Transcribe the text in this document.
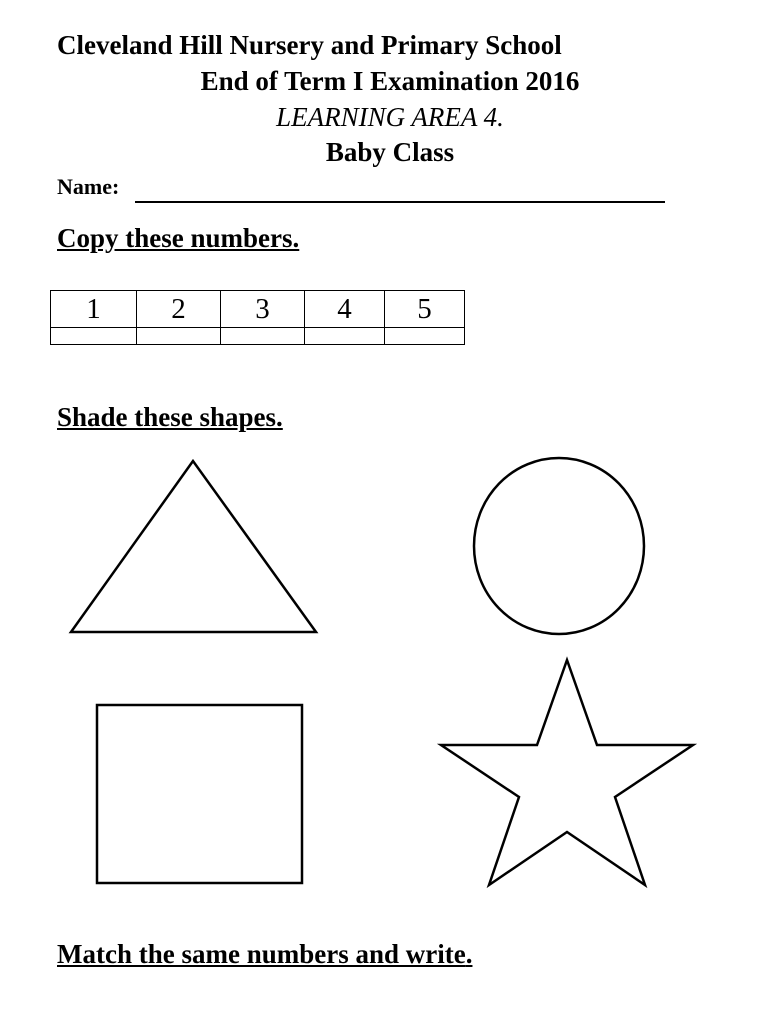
Cleveland Hill Nursery and Primary School
End of Term I Examination 2016
LEARNING AREA 4.
Baby Class
Name:
Copy these numbers.
1	2	3	4	5

Shade these shapes.
Match the same numbers and write.
